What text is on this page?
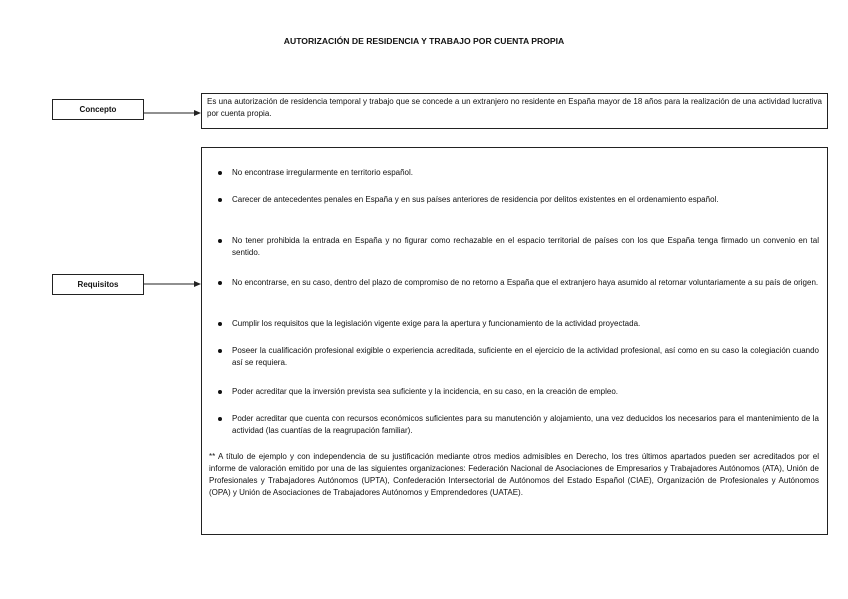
AUTORIZACIÓN DE RESIDENCIA Y TRABAJO POR CUENTA PROPIA
Concepto
Es una autorización de residencia temporal y trabajo que se concede a un extranjero no residente en España mayor de 18 años para la realización de una actividad lucrativa por cuenta propia.
Requisitos
No encontrase irregularmente en territorio español.
Carecer de antecedentes penales en España y en sus países anteriores de residencia por delitos existentes en el ordenamiento español.
No tener prohibida la entrada en España y no figurar como rechazable en el espacio territorial de países con los que España tenga firmado un convenio en tal sentido.
No encontrarse, en su caso, dentro del plazo de compromiso de no retorno a España que el extranjero haya asumido al retornar voluntariamente a su país de origen.
Cumplir los requisitos que la legislación vigente exige para la apertura y funcionamiento de la actividad proyectada.
Poseer la cualificación profesional exigible o experiencia acreditada, suficiente en el ejercicio de la actividad profesional, así como en su caso la colegiación cuando así se requiera.
Poder acreditar que la inversión prevista sea suficiente y la incidencia, en su caso, en la creación de empleo.
Poder acreditar que cuenta con recursos económicos suficientes para su manutención y alojamiento, una vez deducidos los necesarios para el mantenimiento de la actividad (las cuantías de la reagrupación familiar).
** A título de ejemplo y con independencia de su justificación mediante otros medios admisibles en Derecho, los tres últimos apartados pueden ser acreditados por el informe de valoración emitido por una de las siguientes organizaciones: Federación Nacional de Asociaciones de Empresarios y Trabajadores Autónomos (ATA), Unión de Profesionales y Trabajadores Autónomos (UPTA), Confederación Intersectorial de Autónomos del Estado Español (CIAE), Organización de Profesionales y Autónomos (OPA) y Unión de Asociaciones de Trabajadores Autónomos y Emprendedores (UATAE).
